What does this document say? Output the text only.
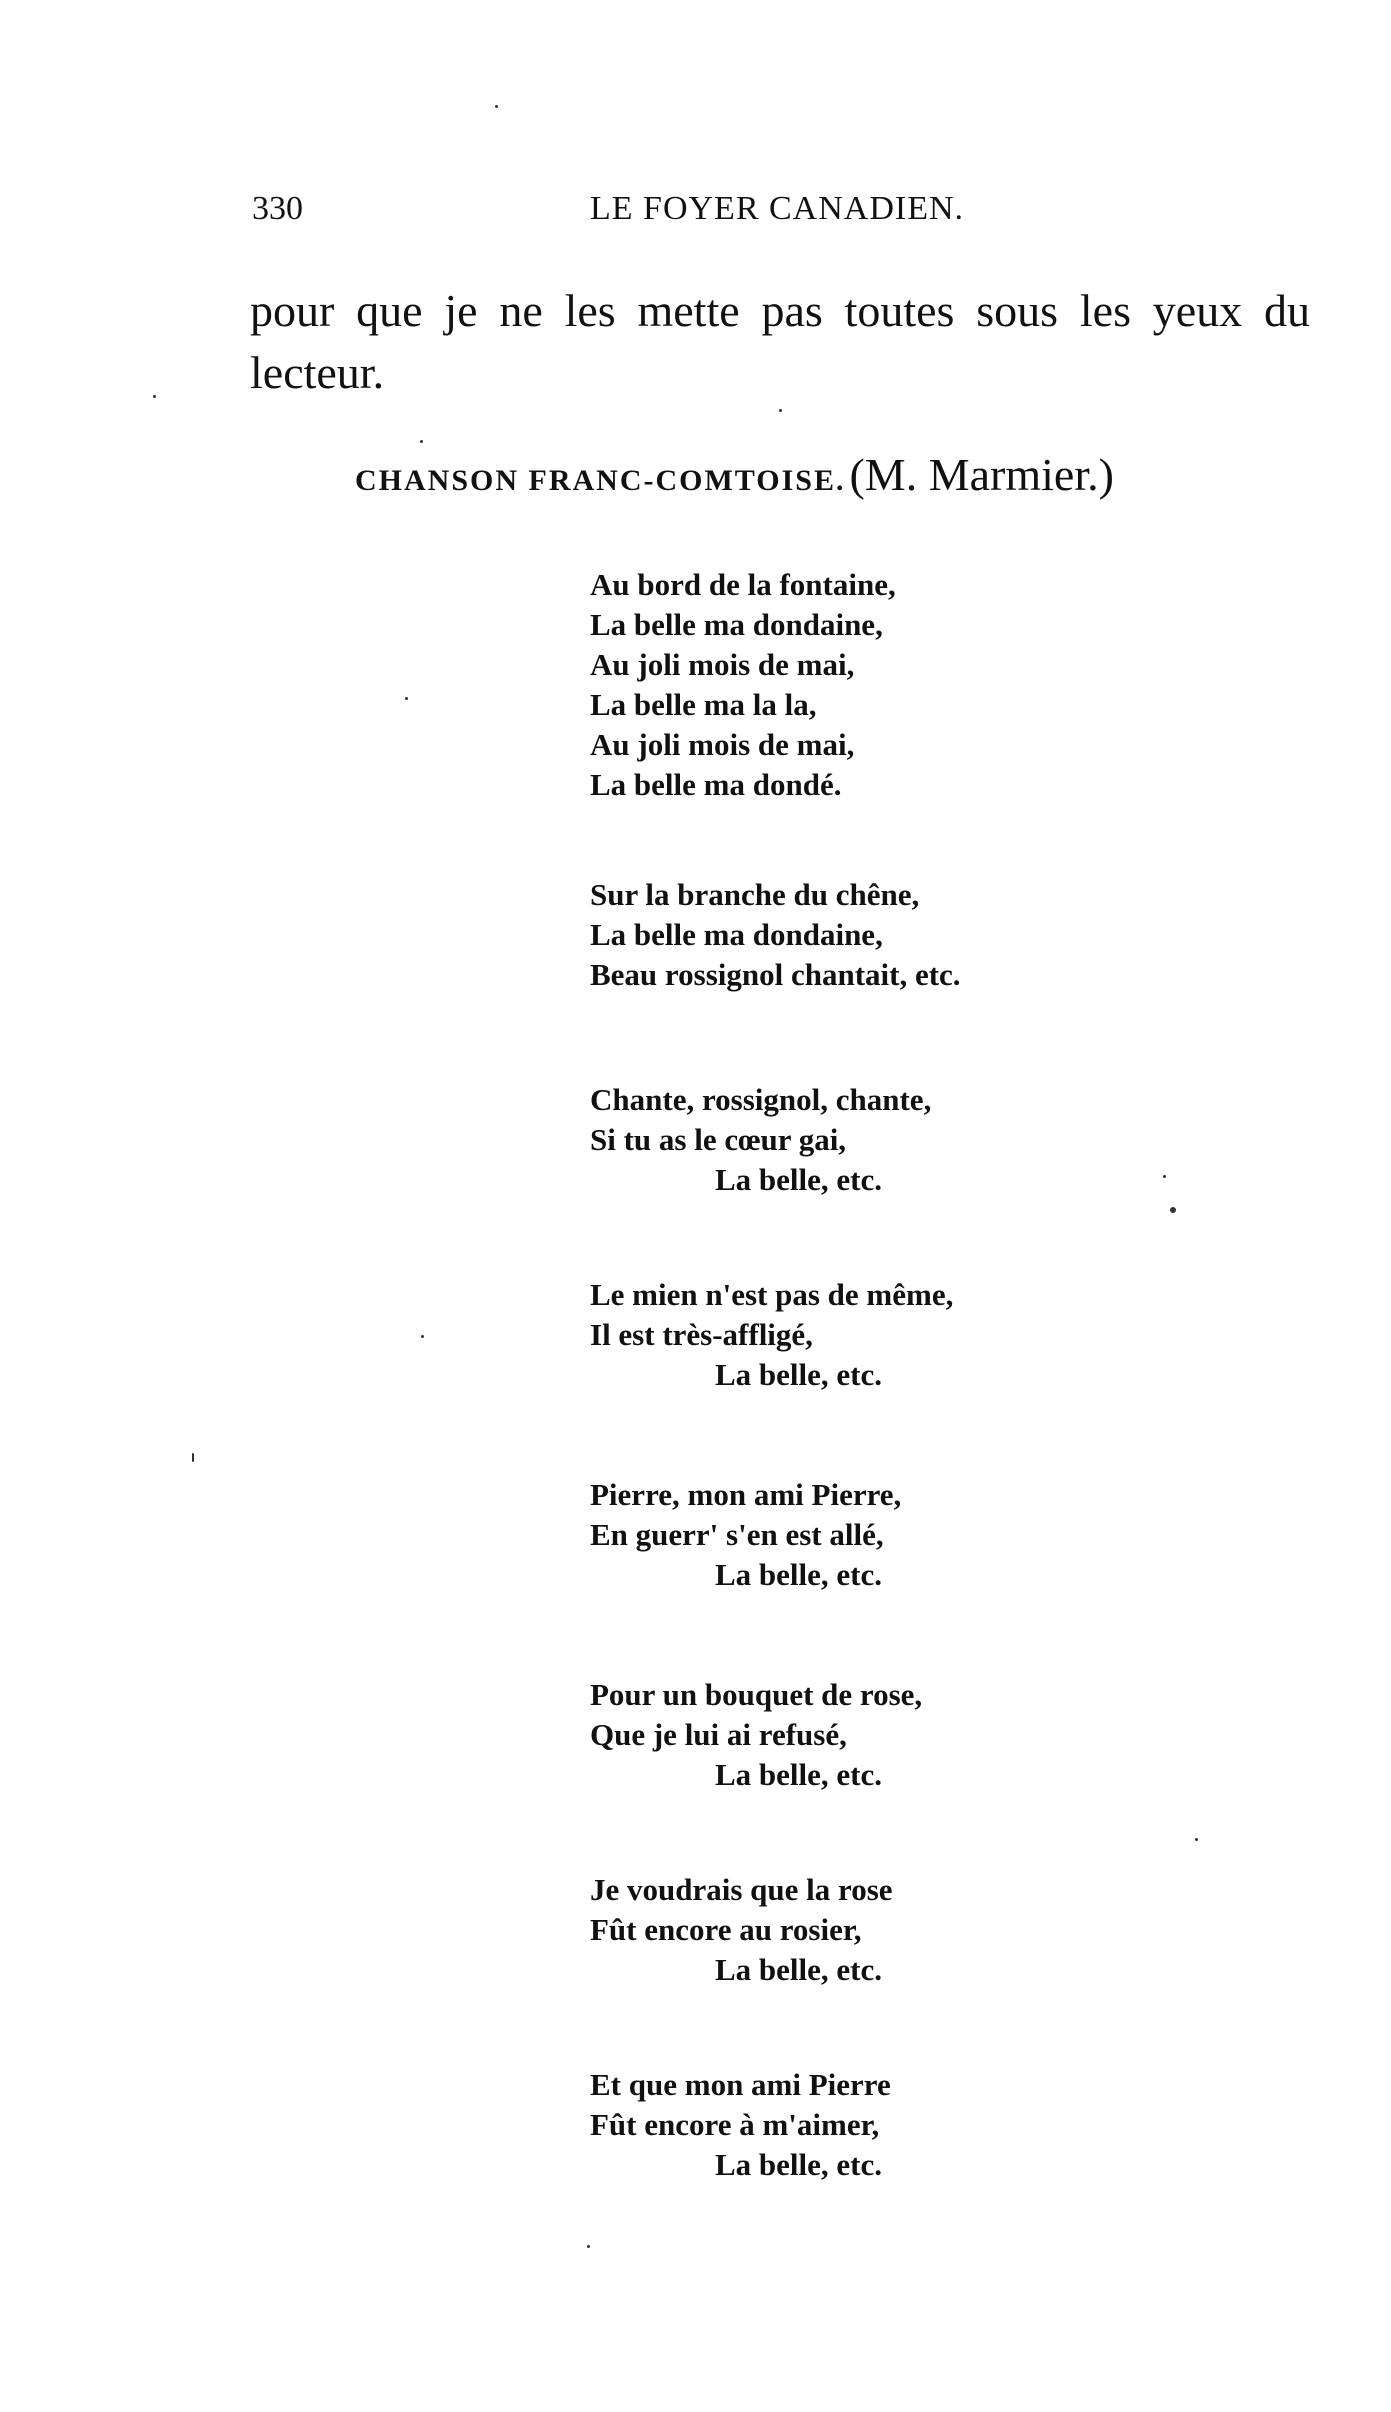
330	LE FOYER CANADIEN.
pour que je ne les mette pas toutes sous les yeux du
lecteur.
CHANSON FRANC-COMTOISE. (M. Marmier.)
Au bord de la fontaine,
La belle ma dondaine,
Au joli mois de mai,
La belle ma la la,
Au joli mois de mai,
La belle ma dondé.
Sur la branche du chêne,
La belle ma dondaine,
Beau rossignol chantait, etc.
Chante, rossignol, chante,
Si tu as le cœur gai,
La belle, etc.
Le mien n'est pas de même,
Il est très-affligé,
La belle, etc.
Pierre, mon ami Pierre,
En guerr' s'en est allé,
La belle, etc.
Pour un bouquet de rose,
Que je lui ai refusé,
La belle, etc.
Je voudrais que la rose
Fût encore au rosier,
La belle, etc.
Et que mon ami Pierre
Fût encore à m'aimer,
La belle, etc.
